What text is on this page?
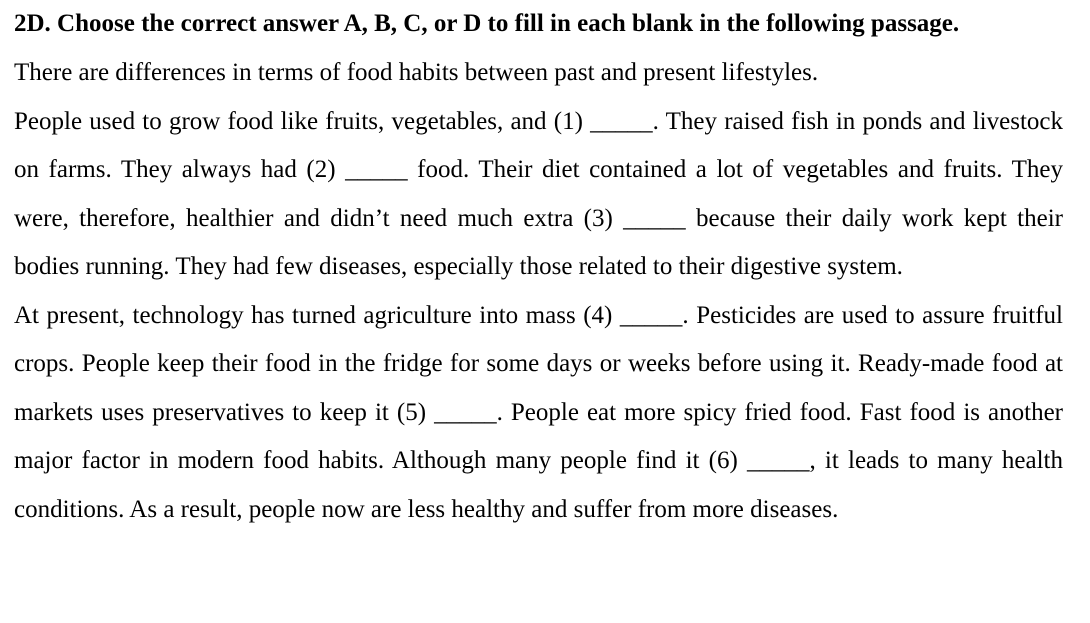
2D. Choose the correct answer A, B, C, or D to fill in each blank in the following passage.

There are differences in terms of food habits between past and present lifestyles.

People used to grow food like fruits, vegetables, and (1) _____. They raised fish in ponds and livestock on farms. They always had (2) _____ food. Their diet contained a lot of vegetables and fruits. They were, therefore, healthier and didn’t need much extra (3) _____ because their daily work kept their bodies running. They had few diseases, especially those related to their digestive system.

At present, technology has turned agriculture into mass (4) _____. Pesticides are used to assure fruitful crops. People keep their food in the fridge for some days or weeks before using it. Ready-made food at markets uses preservatives to keep it (5) _____. People eat more spicy fried food. Fast food is another major factor in modern food habits. Although many people find it (6) _____, it leads to many health conditions. As a result, people now are less healthy and suffer from more diseases.
